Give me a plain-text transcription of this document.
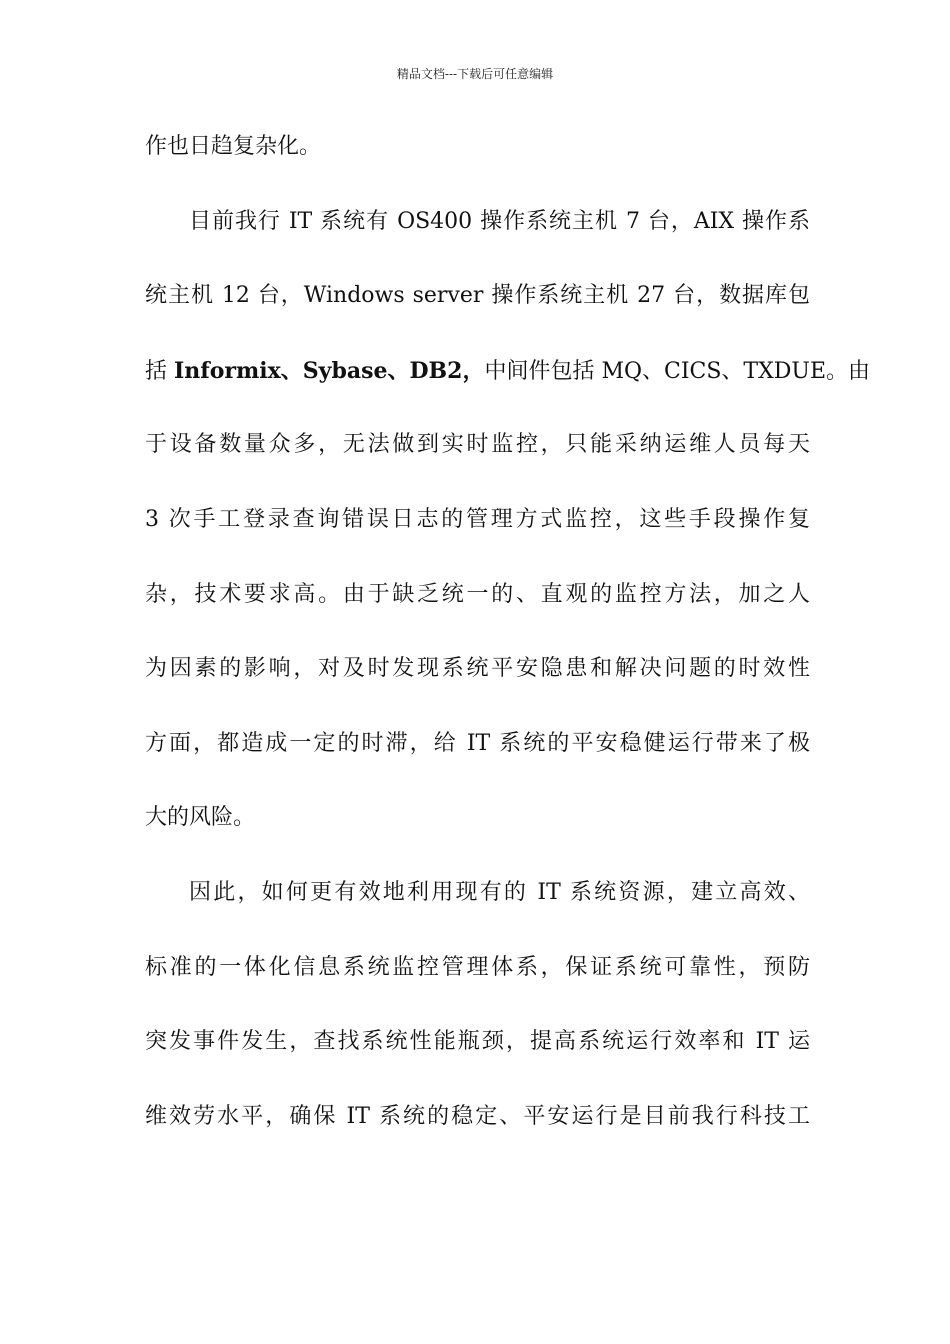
精品文档---下载后可任意编辑
作也日趋复杂化。
目前我行 IT 系统有 OS400 操作系统主机 7 台，AIX 操作系
统主机 12 台，Windows server 操作系统主机 27 台，数据库包
括 Informix、Sybase、DB2，中间件包括 MQ、CICS、TXDUE。由
于设备数量众多，无法做到实时监控，只能采纳运维人员每天
3 次手工登录查询错误日志的管理方式监控，这些手段操作复
杂，技术要求高。由于缺乏统一的、直观的监控方法，加之人
为因素的影响，对及时发现系统平安隐患和解决问题的时效性
方面，都造成一定的时滞，给 IT 系统的平安稳健运行带来了极
大的风险。
因此，如何更有效地利用现有的 IT 系统资源，建立高效、
标准的一体化信息系统监控管理体系，保证系统可靠性，预防
突发事件发生，查找系统性能瓶颈，提高系统运行效率和 IT 运
维效劳水平，确保 IT 系统的稳定、平安运行是目前我行科技工
